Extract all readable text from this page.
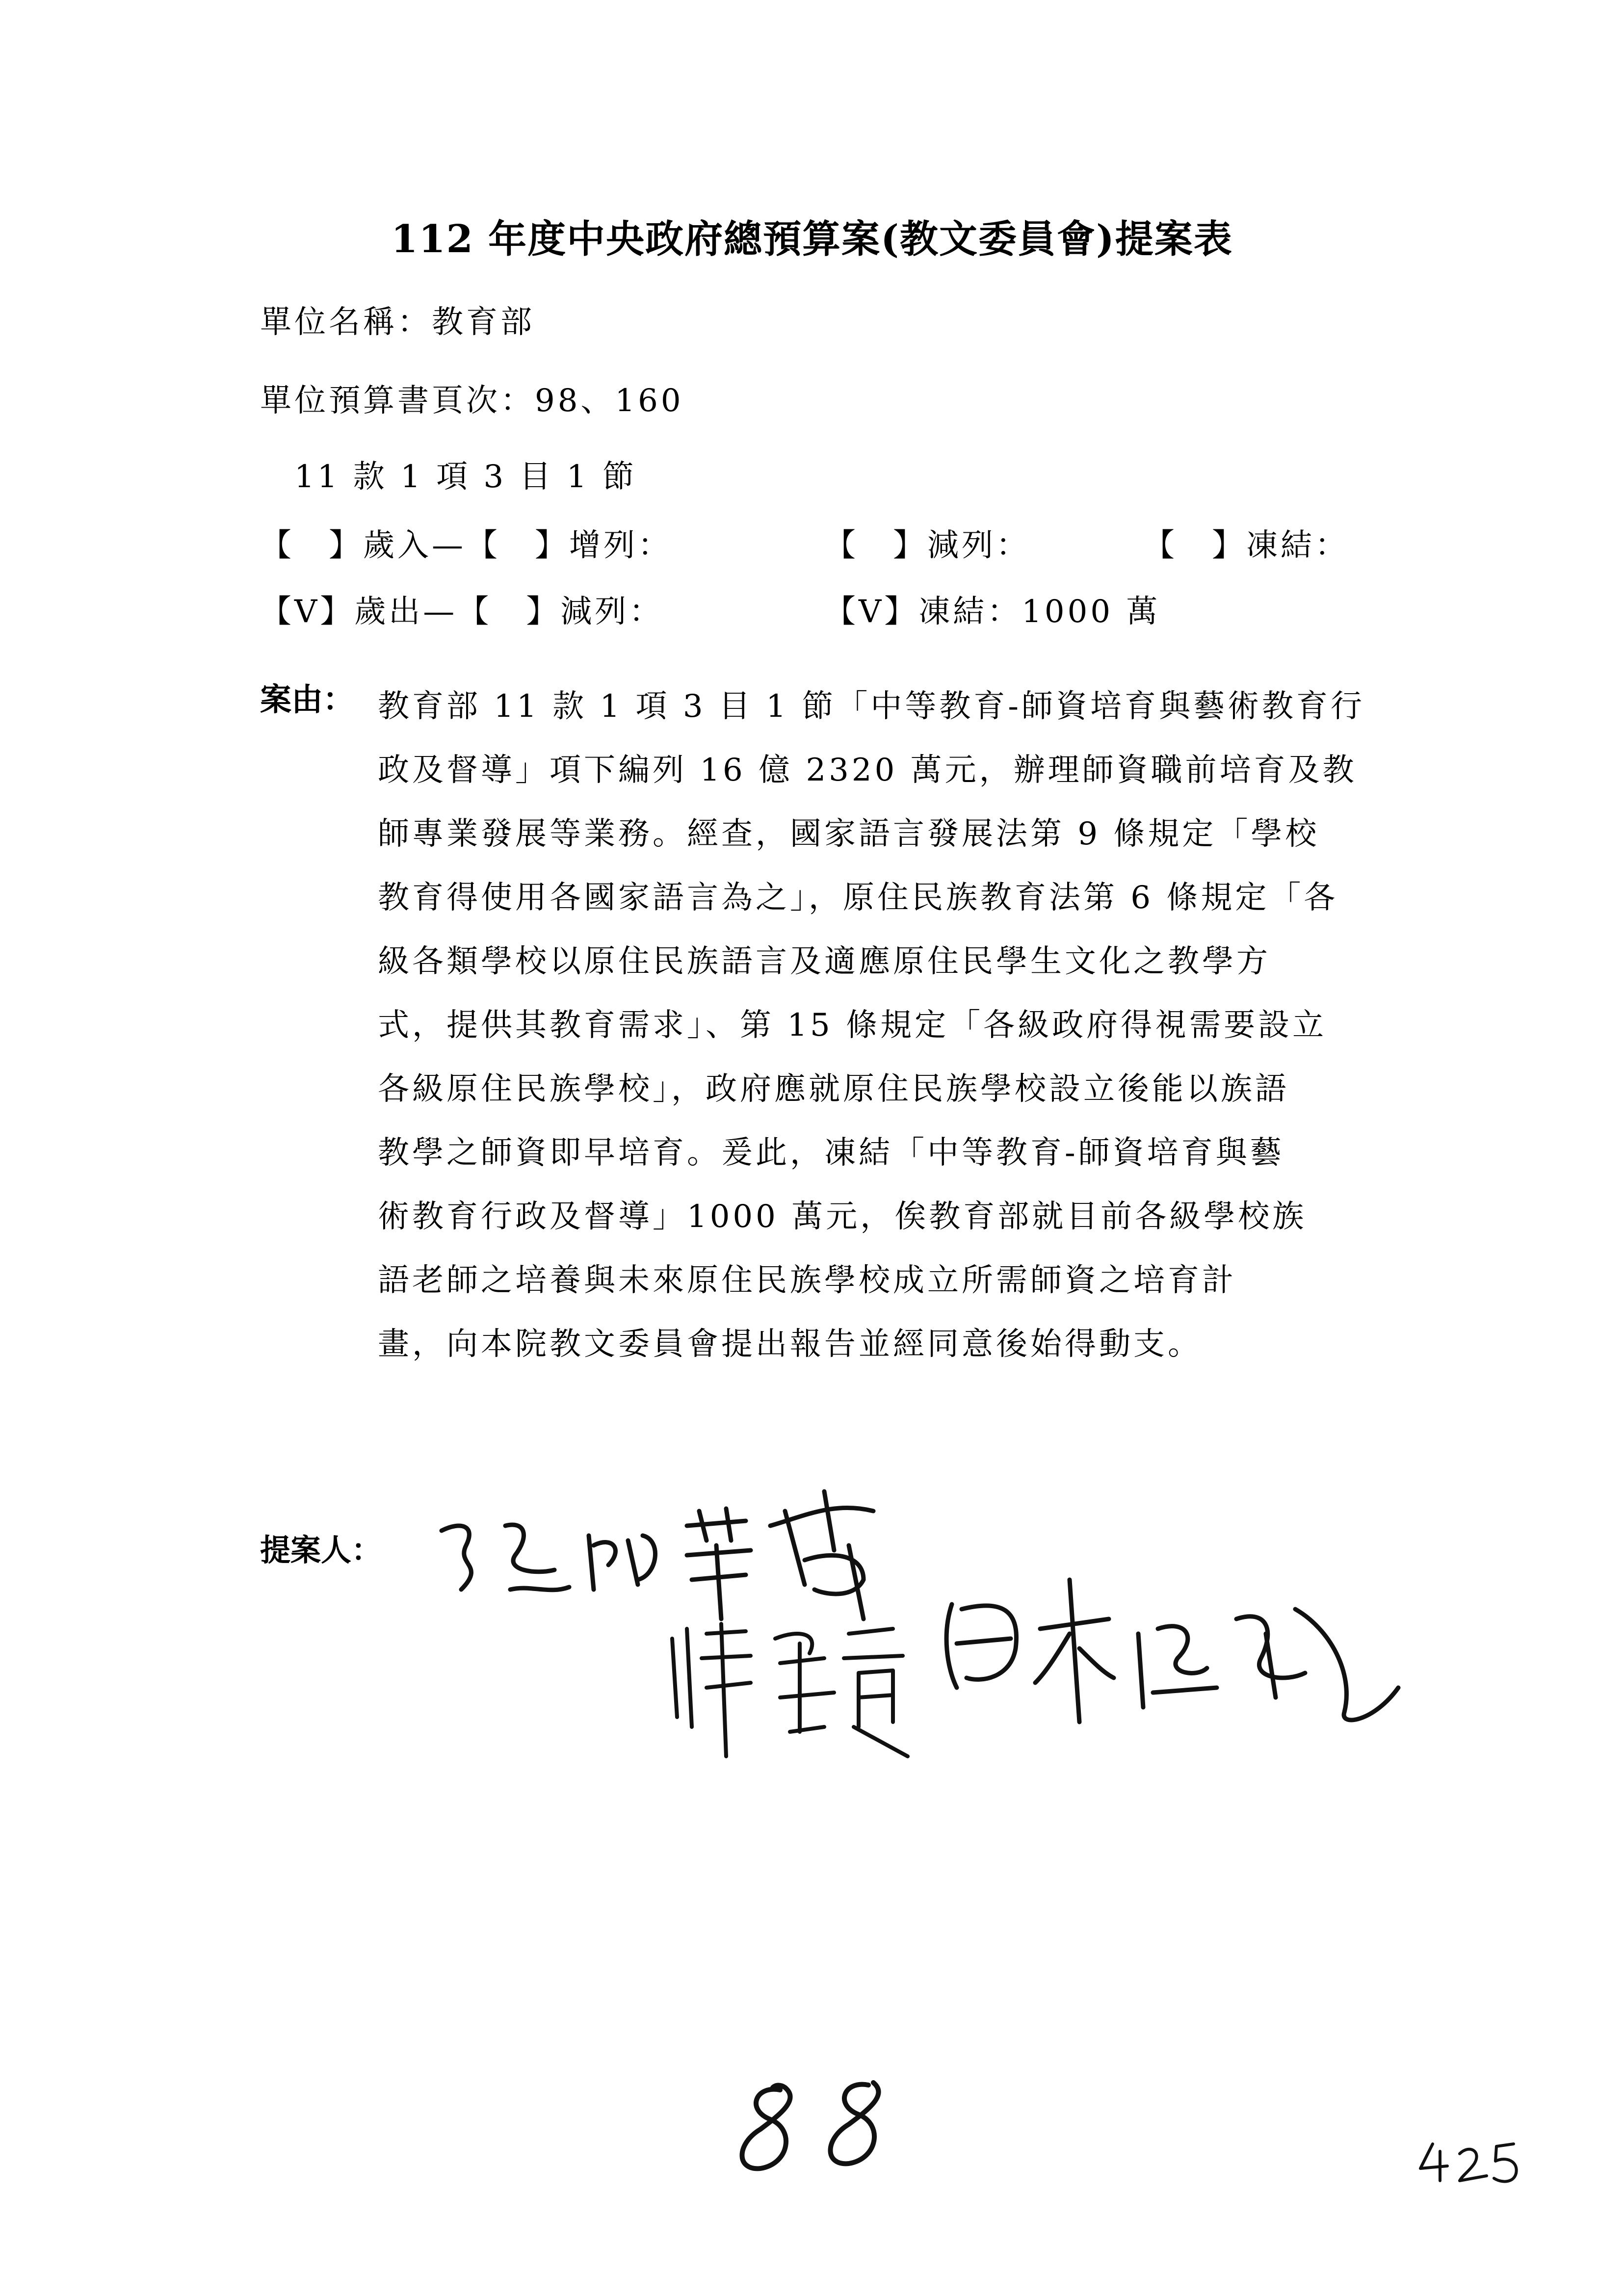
112 年度中央政府總預算案(教文委員會)提案表
單位名稱：教育部
單位預算書頁次：98、160
11 款 1 項 3 目 1 節
【　】歲入—【　】增列：	【　】減列：	【　】凍結：
【V】歲出—【　】減列：	【V】凍結：1000 萬
案由： 教育部 11 款 1 項 3 目 1 節「中等教育-師資培育與藝術教育行

政及督導」項下編列 16 億 2320 萬元，辦理師資職前培育及教

師專業發展等業務。經查，國家語言發展法第 9 條規定「學校

教育得使用各國家語言為之」，原住民族教育法第 6 條規定「各

級各類學校以原住民族語言及適應原住民學生文化之教學方

式，提供其教育需求」、第 15 條規定「各級政府得視需要設立

各級原住民族學校」，政府應就原住民族學校設立後能以族語

教學之師資即早培育。爰此，凍結「中等教育-師資培育與藝

術教育行政及督導」1000 萬元，俟教育部就目前各級學校族

語老師之培養與未來原住民族學校成立所需師資之培育計

畫，向本院教文委員會提出報告並經同意後始得動支。

提案人：
88
425
